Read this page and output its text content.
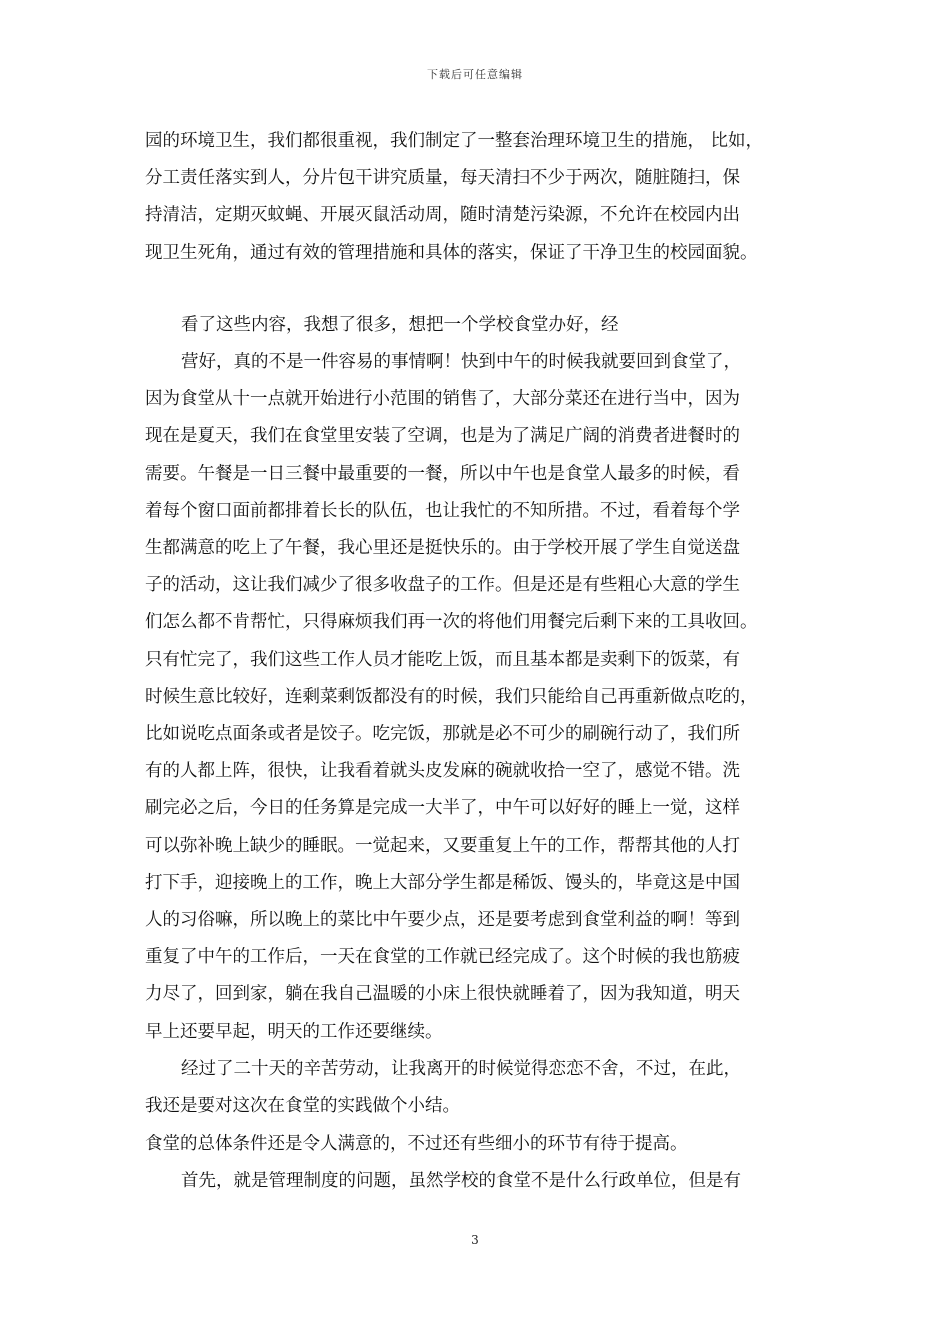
下载后可任意编辑
园的环境卫生，我们都很重视，我们制定了一整套治理环境卫生的措施， 比如，
分工责任落实到人，分片包干讲究质量，每天清扫不少于两次，随脏随扫，保
持清洁，定期灭蚊蝇、开展灭鼠活动周，随时清楚污染源，不允许在校园内出
现卫生死角，通过有效的管理措施和具体的落实，保证了干净卫生的校园面貌。
看了这些内容，我想了很多，想把一个学校食堂办好，经
营好，真的不是一件容易的事情啊！快到中午的时候我就要回到食堂了，
因为食堂从十一点就开始进行小范围的销售了，大部分菜还在进行当中，因为
现在是夏天，我们在食堂里安装了空调，也是为了满足广阔的消费者进餐时的
需要。午餐是一日三餐中最重要的一餐，所以中午也是食堂人最多的时候，看
着每个窗口面前都排着长长的队伍，也让我忙的不知所措。不过，看着每个学
生都满意的吃上了午餐，我心里还是挺快乐的。由于学校开展了学生自觉送盘
子的活动，这让我们减少了很多收盘子的工作。但是还是有些粗心大意的学生
们怎么都不肯帮忙，只得麻烦我们再一次的将他们用餐完后剩下来的工具收回。
只有忙完了，我们这些工作人员才能吃上饭，而且基本都是卖剩下的饭菜，有
时候生意比较好，连剩菜剩饭都没有的时候，我们只能给自己再重新做点吃的，
比如说吃点面条或者是饺子。吃完饭，那就是必不可少的刷碗行动了，我们所
有的人都上阵，很快，让我看着就头皮发麻的碗就收拾一空了，感觉不错。洗
刷完必之后，今日的任务算是完成一大半了，中午可以好好的睡上一觉，这样
可以弥补晚上缺少的睡眠。一觉起来，又要重复上午的工作，帮帮其他的人打
打下手，迎接晚上的工作，晚上大部分学生都是稀饭、馒头的，毕竟这是中国
人的习俗嘛，所以晚上的菜比中午要少点，还是要考虑到食堂利益的啊！等到
重复了中午的工作后，一天在食堂的工作就已经完成了。这个时候的我也筋疲
力尽了，回到家，躺在我自己温暖的小床上很快就睡着了，因为我知道，明天
早上还要早起，明天的工作还要继续。
经过了二十天的辛苦劳动，让我离开的时候觉得恋恋不舍，不过，在此，
我还是要对这次在食堂的实践做个小结。
食堂的总体条件还是令人满意的，不过还有些细小的环节有待于提高。
首先，就是管理制度的问题，虽然学校的食堂不是什么行政单位，但是有
3
